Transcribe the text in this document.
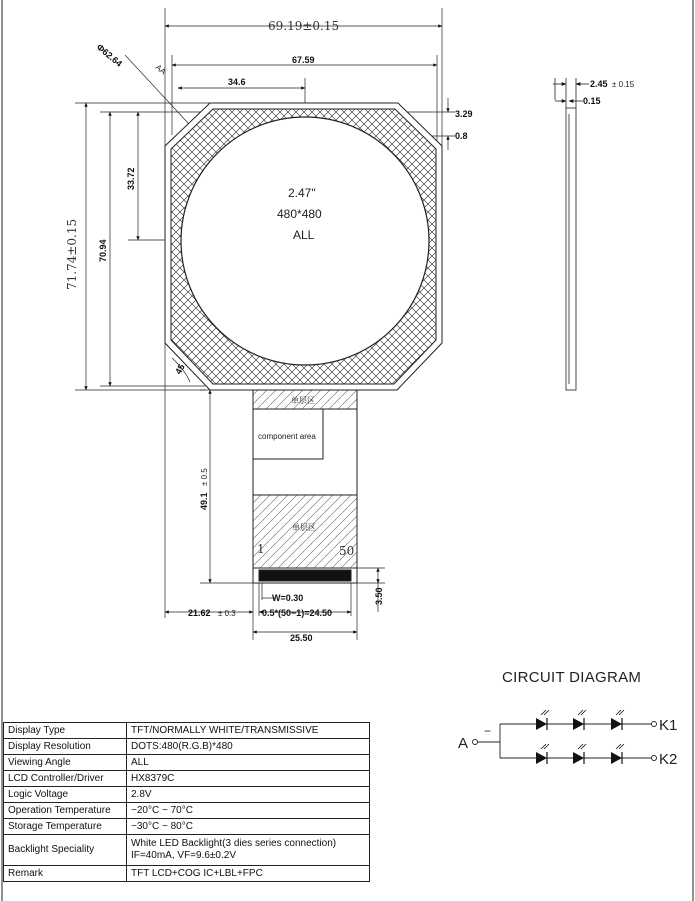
69.19±0.15
67.59
Φ62.64
AA
34.6
71.74±0.15 70.94
33.72
45
3.29
0.8
2.47"
480*480
ALL
单层区
component area
单层区
1	50
49.1
± 0.5
21.62 ± 0.3
W=0.30
0.5*(50−1)=24.50
25.50
3.50
2.45 ± 0.15
0.15
−
A
K1
K2
CIRCUIT DIAGRAM
Display Type	TFT/NORMALLY WHITE/TRANSMISSIVE
Display Resolution	DOTS:480(R.G.B)*480
Viewing Angle	ALL
LCD Controller/Driver	HX8379C
Logic Voltage	2.8V
Operation Temperature	−20°C ~ 70°C
Storage Temperature	−30°C ~ 80°C
Backlight Speciality	White LED Backlight(3 dies series connection)
IF=40mA, VF=9.6±0.2V

Remark	TFT LCD+COG IC+LBL+FPC
